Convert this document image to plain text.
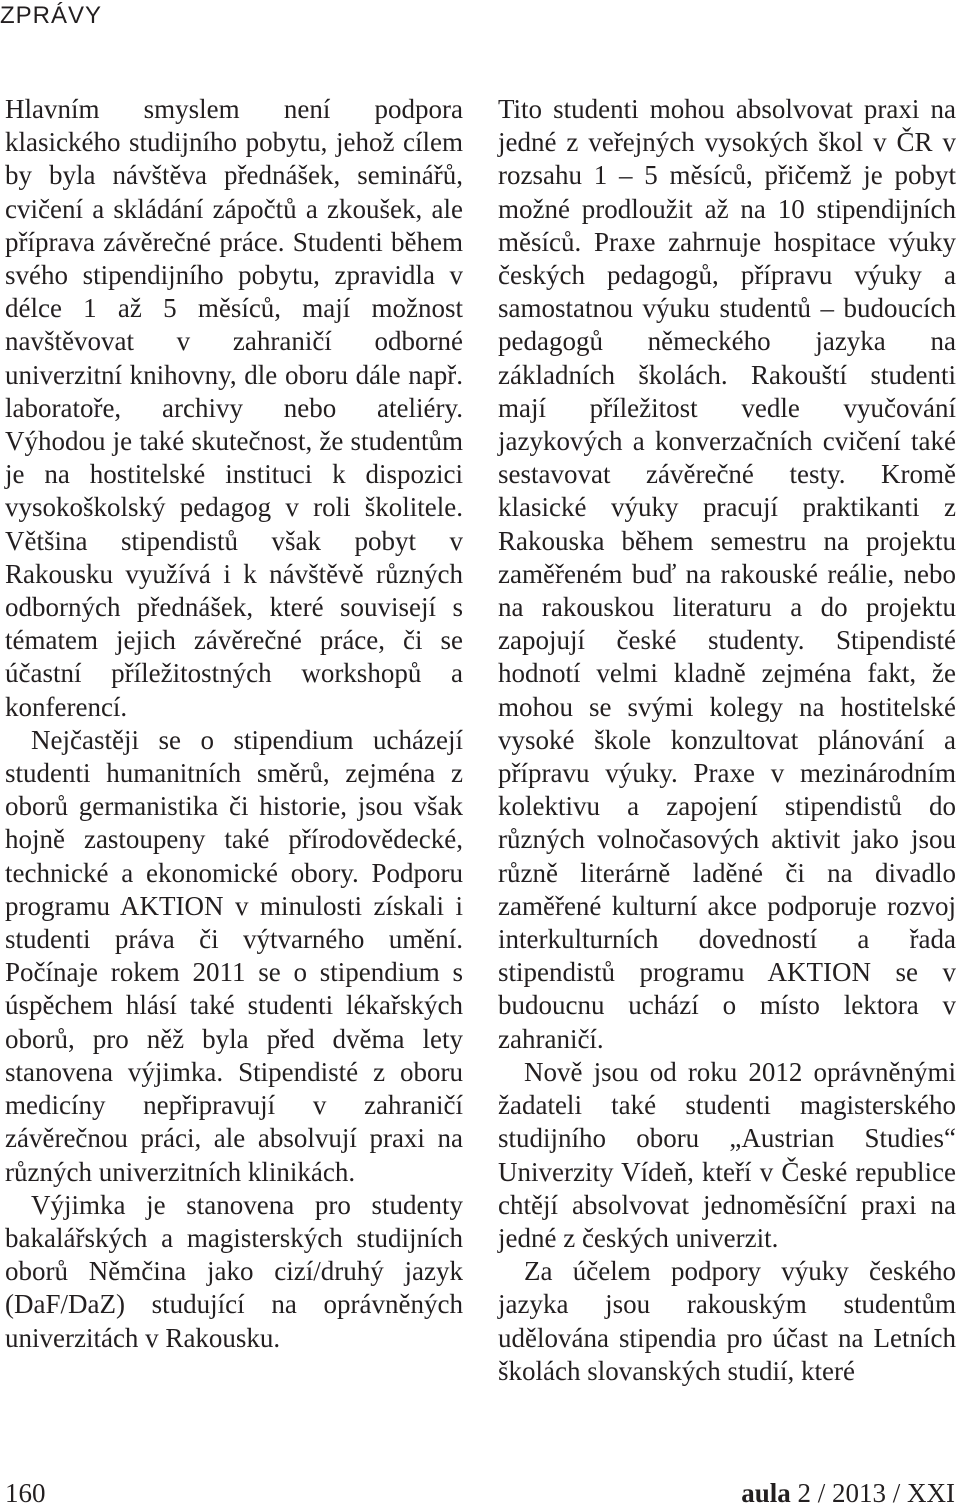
ZPRÁVY

Hlavním smyslem není podpora klasického studijního pobytu, jehož cílem by byla návštěva přednášek, seminářů, cvičení a skládání zápočtů a zkoušek, ale příprava závěrečné práce. Studenti během svého stipendijního pobytu, zpravidla v délce 1 až 5 měsíců, mají možnost navštěvovat v zahraničí odborné univerzitní knihovny, dle oboru dále např. laboratoře, archivy nebo ateliéry. Výhodou je také skutečnost, že studentům je na hostitelské instituci k dispozici vysokoškolský pedagog v roli školitele. Většina stipendistů však pobyt v Rakousku využívá i k návštěvě různých odborných přednášek, které souvisejí s tématem jejich závěrečné práce, či se účastní příležitostných workshopů a konferencí.

Nejčastěji se o stipendium ucházejí studenti humanitních směrů, zejména z oborů germanistika či historie, jsou však hojně zastoupeny také přírodovědecké, technické a ekonomické obory. Podporu programu AKTION v minulosti získali i studenti práva či výtvarného umění. Počínaje rokem 2011 se o stipendium s úspěchem hlásí také studenti lékařských oborů, pro něž byla před dvěma lety stanovena výjimka. Stipendisté z oboru medicíny nepřipravují v zahraničí závěrečnou práci, ale absolvují praxi na různých univerzitních klinikách.

Výjimka je stanovena pro studenty bakalářských a magisterských studijních oborů Němčina jako cizí/druhý jazyk (DaF/DaZ) studující na oprávněných univerzitách v Rakousku.

Tito studenti mohou absolvovat praxi na jedné z veřejných vysokých škol v ČR v rozsahu 1 – 5 měsíců, přičemž je pobyt možné prodloužit až na 10 stipendijních měsíců. Praxe zahrnuje hospitace výuky českých pedagogů, přípravu výuky a samostatnou výuku studentů – budoucích pedagogů německého jazyka na základních školách. Rakouští studenti mají příležitost vedle vyučování jazykových a konverzačních cvičení také sestavovat závěrečné testy. Kromě klasické výuky pracují praktikanti z Rakouska během semestru na projektu zaměřeném buď na rakouské reálie, nebo na rakouskou literaturu a do projektu zapojují české studenty. Stipendisté hodnotí velmi kladně zejména fakt, že mohou se svými kolegy na hostitelské vysoké škole konzultovat plánování a přípravu výuky. Praxe v mezinárodním kolektivu a zapojení stipendistů do různých volnočasových aktivit jako jsou různě literárně laděné či na divadlo zaměřené kulturní akce podporuje rozvoj interkulturních dovedností a řada stipendistů programu AKTION se v budoucnu uchází o místo lektora v zahraničí.

Nově jsou od roku 2012 oprávněnými žadateli také studenti magisterského studijního oboru „Austrian Studies“ Univerzity Vídeň, kteří v České republice chtějí absolvovat jednoměsíční praxi na jedné z českých univerzit.

Za účelem podpory výuky českého jazyka jsou rakouským studentům udělována stipendia pro účast na Letních školách slovanských studií, které

160	aula 2 / 2013 / XXI
